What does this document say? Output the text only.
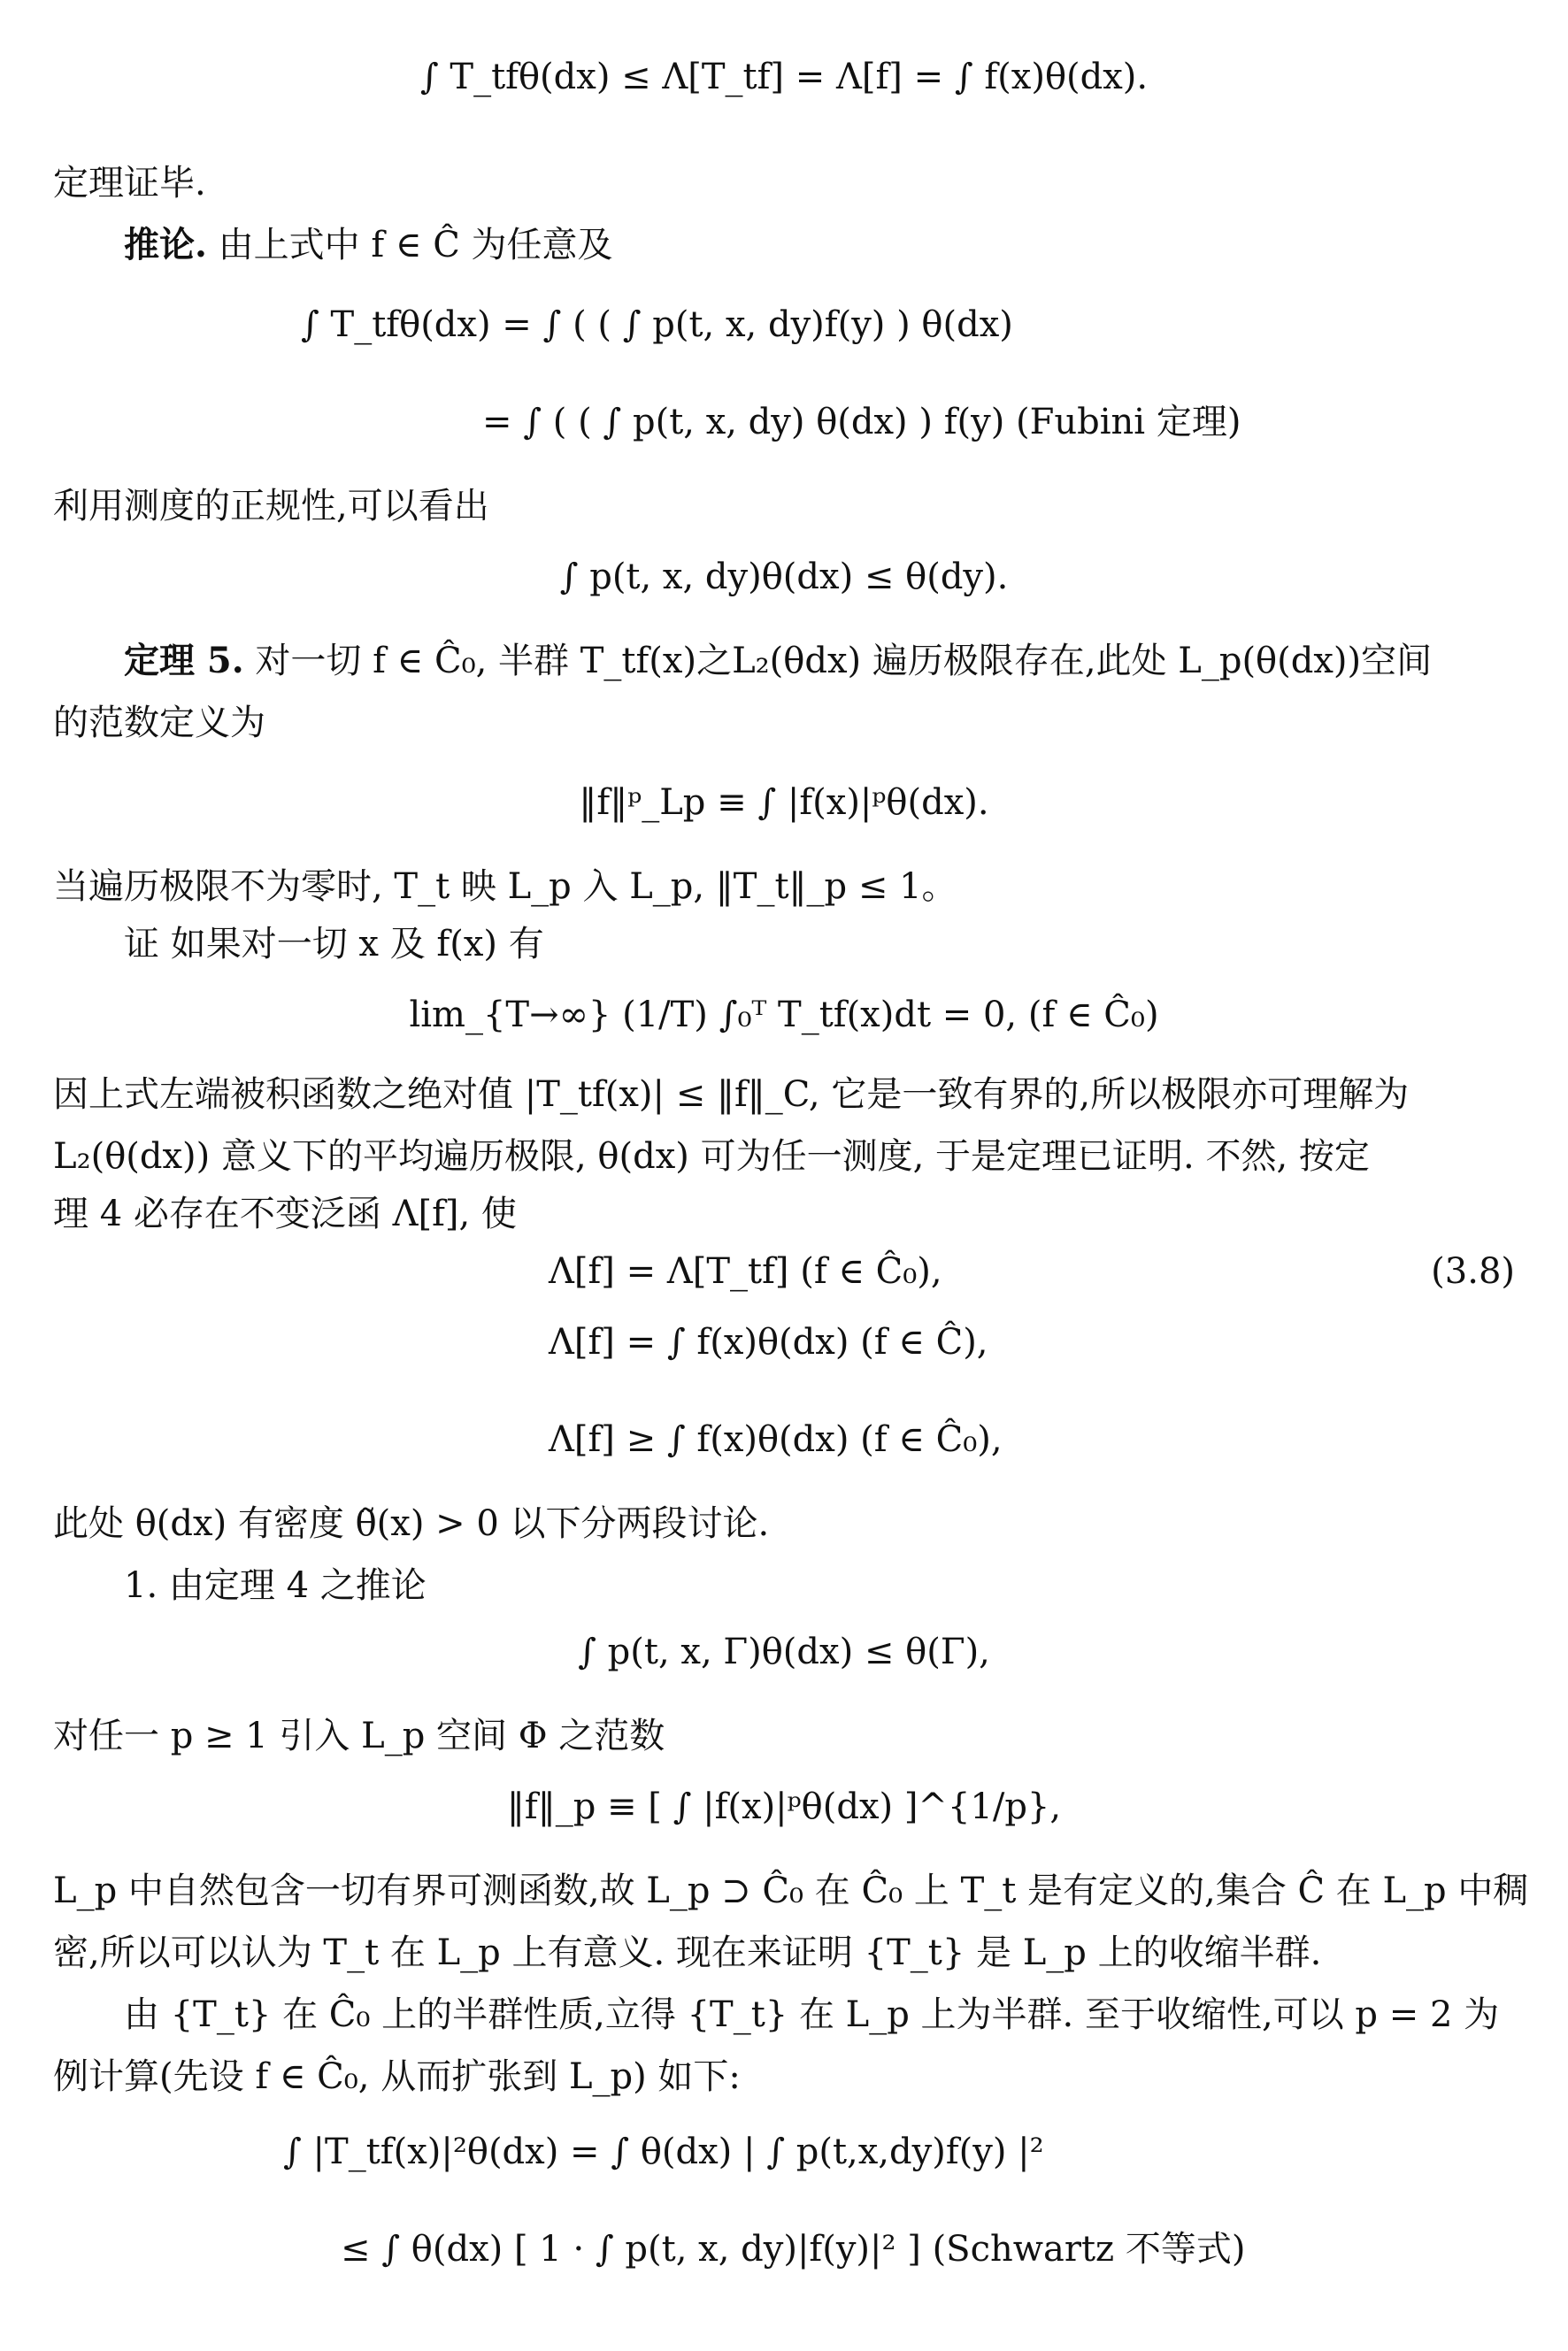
∫ T_tfθ(dx) ≤ Λ[T_tf] = Λ[f] = ∫ f(x)θ(dx).
定理证毕.
推论. 由上式中 f ∈ Ĉ 为任意及
∫ T_tfθ(dx) = ∫ ( ( ∫ p(t, x, dy)f(y) ) θ(dx)
= ∫ ( ( ∫ p(t, x, dy) θ(dx) ) f(y) (Fubini 定理)
利用测度的正规性,可以看出
∫ p(t, x, dy)θ(dx) ≤ θ(dy).
定理 5. 对一切 f ∈ Ĉ₀, 半群 T_tf(x)之L₂(θdx) 遍历极限存在,此处 L_p(θ(dx))空间
的范数定义为
‖f‖ᵖ_Lp ≡ ∫ |f(x)|ᵖθ(dx).
当遍历极限不为零时, T_t 映 L_p 入 L_p, ‖T_t‖_p ≤ 1。
证 如果对一切 x 及 f(x) 有
lim_{T→∞} (1/T) ∫₀ᵀ T_tf(x)dt = 0, (f ∈ Ĉ₀)
因上式左端被积函数之绝对值 |T_tf(x)| ≤ ‖f‖_C, 它是一致有界的,所以极限亦可理解为
L₂(θ(dx)) 意义下的平均遍历极限, θ(dx) 可为任一测度, 于是定理已证明. 不然, 按定
理 4 必存在不变泛函 Λ[f], 使
Λ[f] = Λ[T_tf] (f ∈ Ĉ₀),	(3.8)
Λ[f] = ∫ f(x)θ(dx) (f ∈ Ĉ),
Λ[f] ≥ ∫ f(x)θ(dx) (f ∈ Ĉ₀),
此处 θ(dx) 有密度 θ̃(x) > 0 以下分两段讨论.
1. 由定理 4 之推论
∫ p(t, x, Γ)θ(dx) ≤ θ(Γ),
对任一 p ≥ 1 引入 L_p 空间 Φ 之范数
‖f‖_p ≡ [ ∫ |f(x)|ᵖθ(dx) ]^{1/p},
L_p 中自然包含一切有界可测函数,故 L_p ⊃ Ĉ₀ 在 Ĉ₀ 上 T_t 是有定义的,集合 Ĉ 在 L_p 中稠
密,所以可以认为 T_t 在 L_p 上有意义. 现在来证明 {T_t} 是 L_p 上的收缩半群.
由 {T_t} 在 Ĉ₀ 上的半群性质,立得 {T_t} 在 L_p 上为半群. 至于收缩性,可以 p = 2 为
例计算(先设 f ∈ Ĉ₀, 从而扩张到 L_p) 如下:
∫ |T_tf(x)|²θ(dx) = ∫ θ(dx) | ∫ p(t,x,dy)f(y) |²
≤ ∫ θ(dx) [ 1 · ∫ p(t, x, dy)|f(y)|² ] (Schwartz 不等式)
